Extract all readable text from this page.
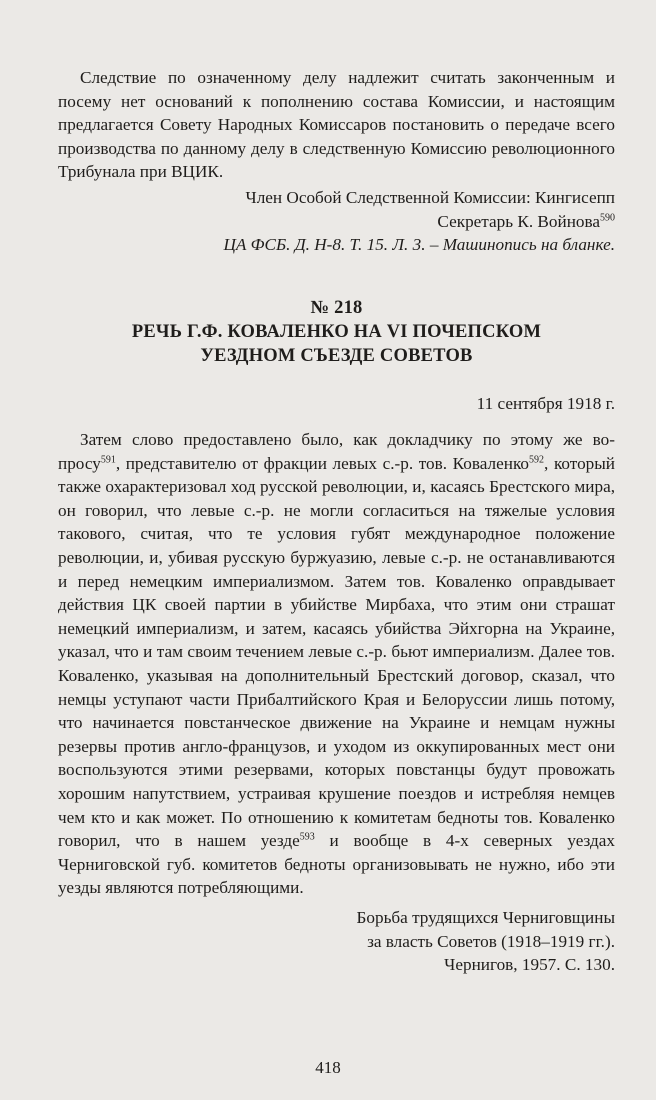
Следствие по означенному делу надлежит считать законченным и посему нет оснований к пополнению состава Комиссии, и настоящим предлагается Совету Народных Комиссаров постановить о передаче всего производства по данному делу в следственную Комиссию революционного Трибунала при ВЦИК.

Член Особой Следственной Комиссии: Кингисепп

Секретарь К. Войнова$^{590}$

ЦА ФСБ. Д. Н-8. Т. 15. Л. 3. – Машинопись на бланке.

№ 218

РЕЧЬ Г.Ф. КОВАЛЕНКО НА VI ПОЧЕПСКОМ

УЕЗДНОМ СЪЕЗДЕ СОВЕТОВ

11 сентября 1918 г.

Затем слово предоставлено было, как докладчику по этому же вопросу$^{591}$, представителю от фракции левых с.-р. тов. Коваленко$^{592}$, который также охарактеризовал ход русской революции, и, касаясь Брестского мира, он говорил, что левые с.-р. не могли согласиться на тяжелые условия такового, считая, что те условия губят международное положение революции, и, убивая русскую буржуазию, левые с.-р. не останавливаются и перед немецким империализмом. Затем тов. Коваленко оправдывает действия ЦК своей партии в убийстве Мирбаха, что этим они страшат немецкий империализм, и затем, касаясь убийства Эйхгорна на Украине, указал, что и там своим течением левые с.-р. бьют империализм. Далее тов. Коваленко, указывая на дополнительный Брестский договор, сказал, что немцы уступают части Прибалтийского Края и Белоруссии лишь потому, что начинается повстанческое движение на Украине и немцам нужны резервы против англо-французов, и уходом из оккупированных мест они воспользуются этими резервами, которых повстанцы будут провожать хорошим напутствием, устраивая крушение поездов и истребляя немцев чем кто и как может. По отношению к комитетам бедноты тов. Коваленко говорил, что в нашем уезде$^{593}$ и вообще в 4-х северных уездах Черниговской губ. комитетов бедноты организовывать не нужно, ибо эти уезды являются потребляющими.

Борьба трудящихся Черниговщины

за власть Советов (1918–1919 гг.).

Чернигов, 1957. С. 130.

418
